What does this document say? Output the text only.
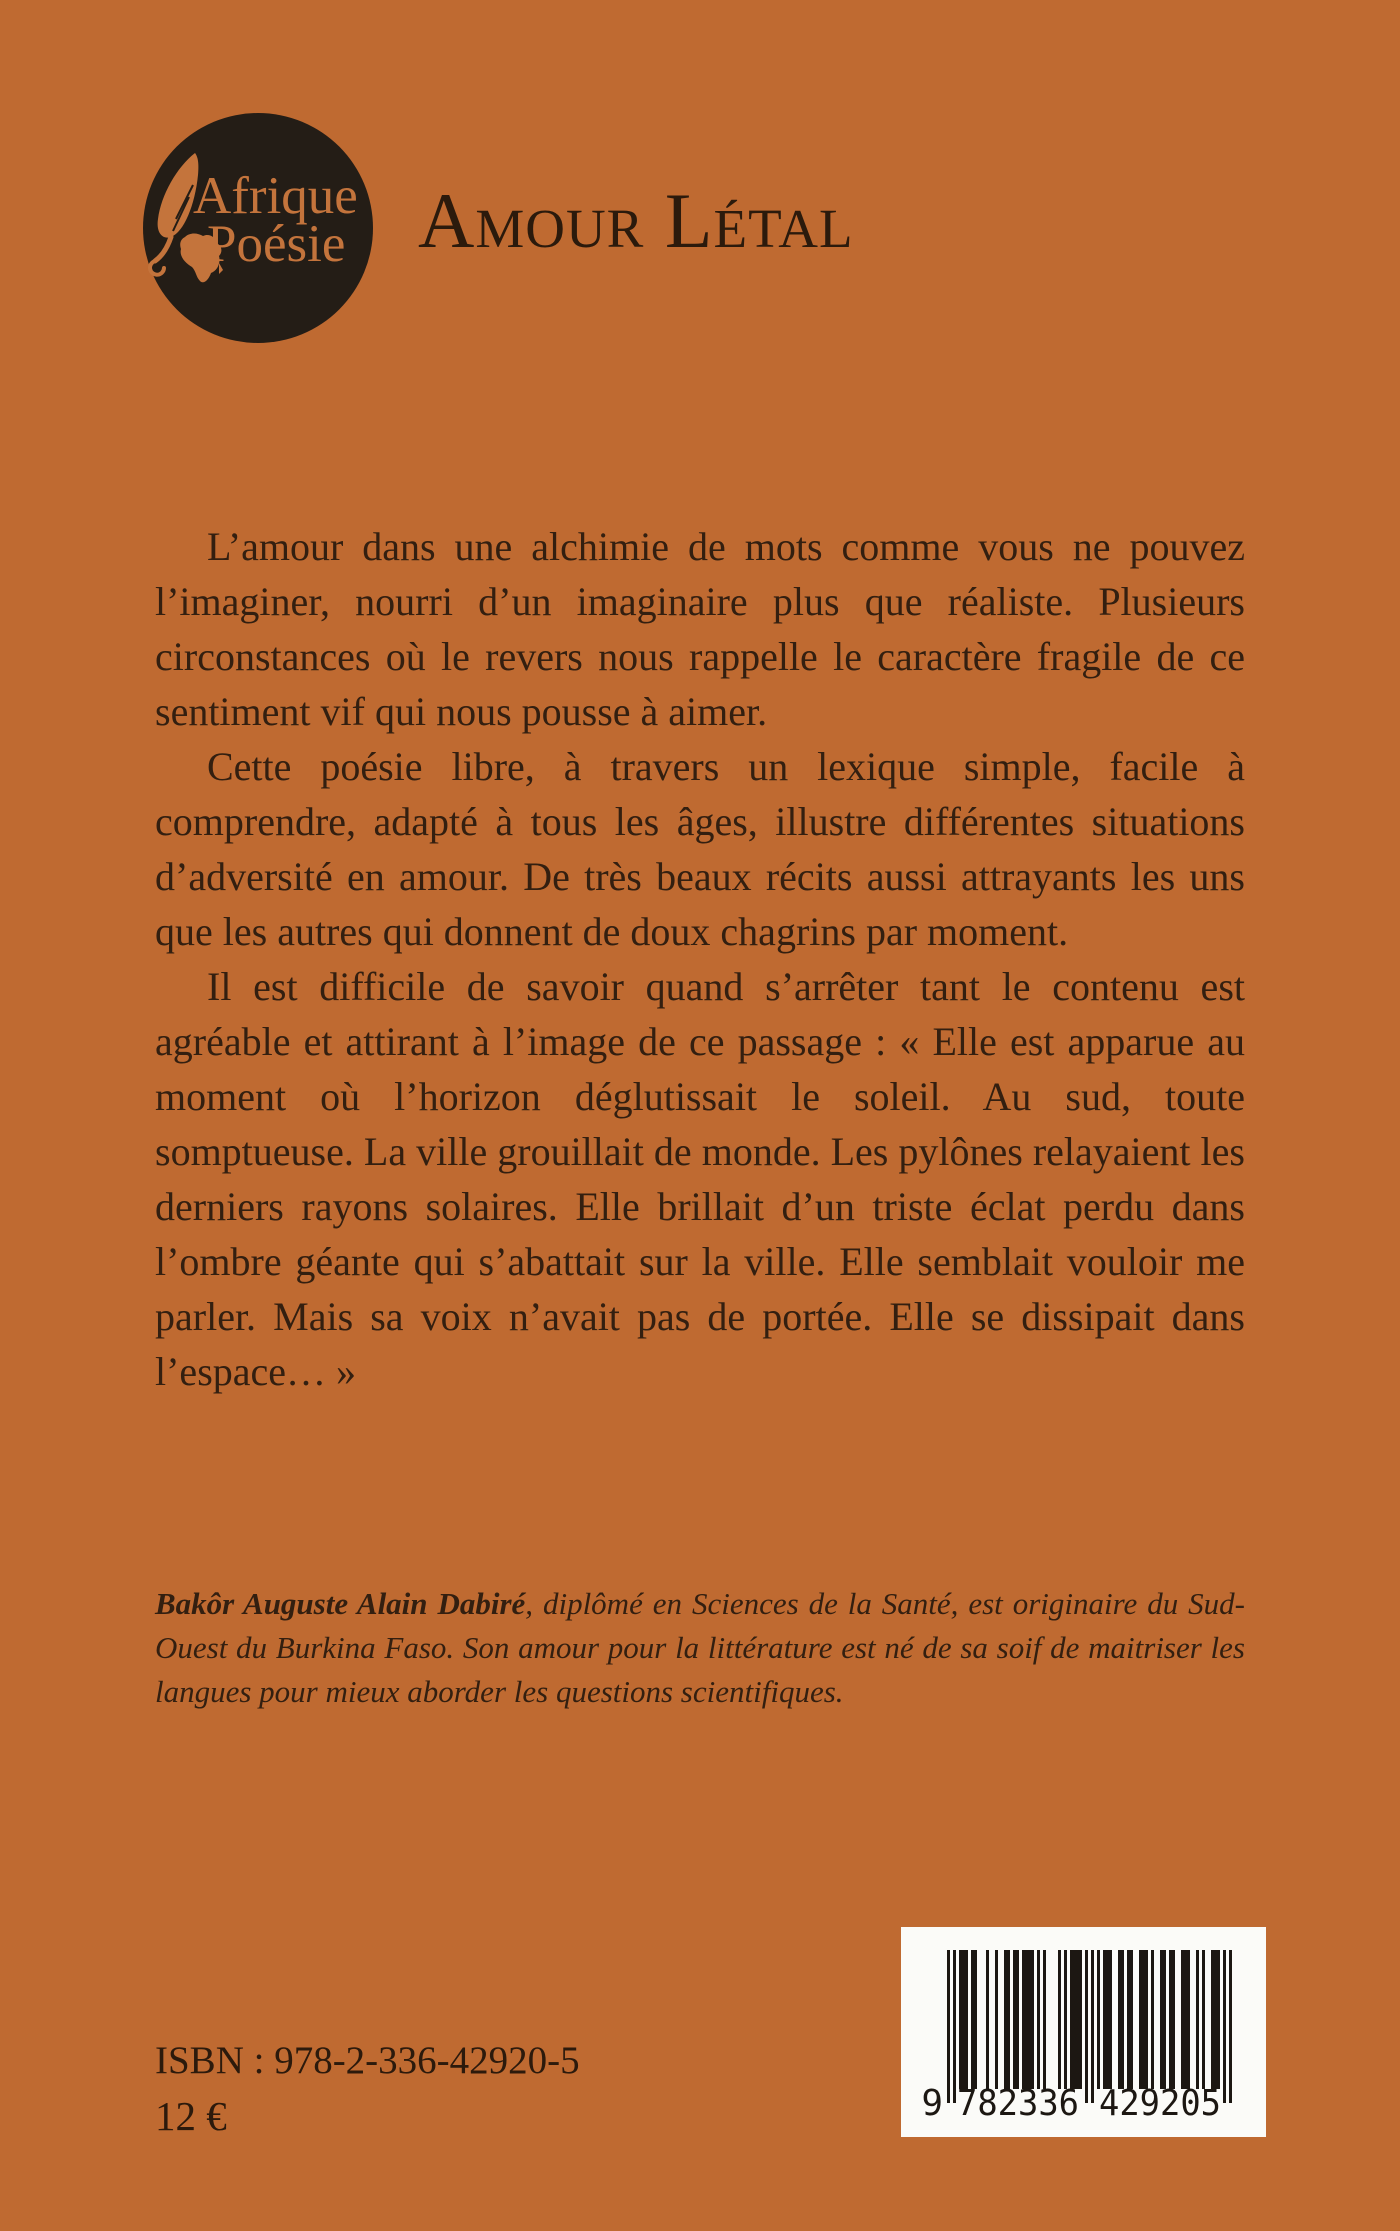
Afrique
Poésie Amour Létal

L’amour dans une alchimie de mots comme vous ne pouvez l’imaginer, nourri d’un imaginaire plus que réaliste. Plusieurs circonstances où le revers nous rappelle le caractère fragile de ce sentiment vif qui nous pousse à aimer.

Cette poésie libre, à travers un lexique simple, facile à comprendre, adapté à tous les âges, illustre différentes situations d’adversité en amour. De très beaux récits aussi attrayants les uns que les autres qui donnent de doux chagrins par moment.

Il est difficile de savoir quand s’arrêter tant le contenu est agréable et attirant à l’image de ce passage : « Elle est apparue au moment où l’horizon déglutissait le soleil. Au sud, toute somptueuse. La ville grouillait de monde. Les pylônes relayaient les derniers rayons solaires. Elle brillait d’un triste éclat perdu dans l’ombre géante qui s’abattait sur la ville. Elle semblait vouloir me parler. Mais sa voix n’avait pas de portée. Elle se dissipait dans l’espace… »

Bakôr Auguste Alain Dabiré, diplômé en Sciences de la Santé, est originaire du Sud-Ouest du Burkina Faso. Son amour pour la littérature est né de sa soif de maitriser les langues pour mieux aborder les questions scientifiques.
ISBN : 978-2-336-42920-5
12 €	9 782336 429205
